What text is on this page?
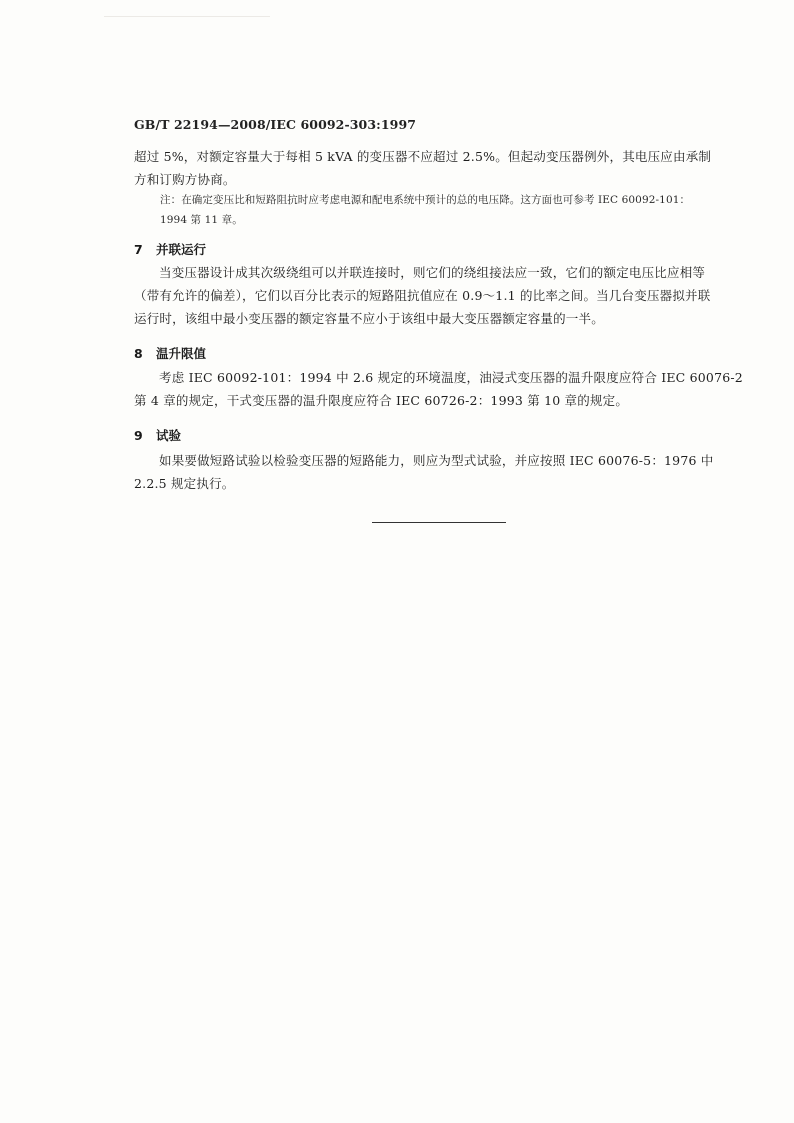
GB/T 22194—2008/IEC 60092-303:1997
超过 5%，对额定容量大于每相 5 kVA 的变压器不应超过 2.5%。但起动变压器例外，其电压应由承制
方和订购方协商。
注：在确定变压比和短路阻抗时应考虑电源和配电系统中预计的总的电压降。这方面也可参考 IEC 60092-101：
1994 第 11 章。
7 并联运行
当变压器设计成其次级绕组可以并联连接时，则它们的绕组接法应一致，它们的额定电压比应相等
（带有允许的偏差），它们以百分比表示的短路阻抗值应在 0.9～1.1 的比率之间。当几台变压器拟并联
运行时，该组中最小变压器的额定容量不应小于该组中最大变压器额定容量的一半。
8 温升限值
考虑 IEC 60092-101：1994 中 2.6 规定的环境温度，油浸式变压器的温升限度应符合 IEC 60076-2
第 4 章的规定，干式变压器的温升限度应符合 IEC 60726-2：1993 第 10 章的规定。
9 试验
如果要做短路试验以检验变压器的短路能力，则应为型式试验，并应按照 IEC 60076-5：1976 中
2.2.5 规定执行。
